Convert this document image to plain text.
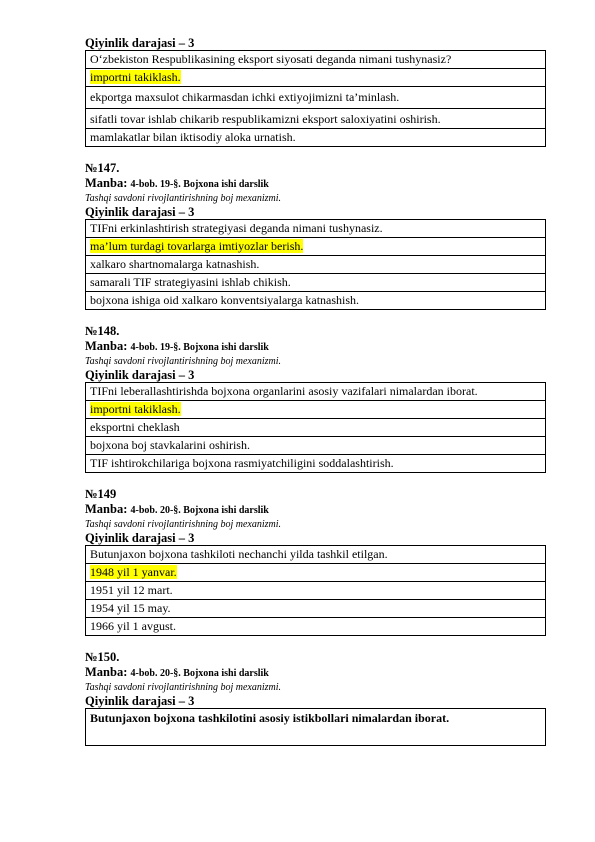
Qiyinlik darajasi – 3
O‘zbekiston Respublikasining eksport siyosati deganda nimani tushynasiz?
importni takiklash.
ekportga maxsulot chikarmasdan ichki extiyojimizni ta’minlash.
sifatli tovar ishlab chikarib respublikamizni eksport saloxiyatini oshirish.
mamlakatlar bilan iktisodiy aloka urnatish.
№147.
Manba: 4-bob. 19-§. Bojxona ishi darslik
Tashqi savdoni rivojlantirishning boj mexanizmi.
Qiyinlik darajasi – 3
TIFni erkinlashtirish strategiyasi deganda nimani tushynasiz.
ma’lum turdagi tovarlarga imtiyozlar berish.
xalkaro shartnomalarga katnashish.
samarali TIF strategiyasini ishlab chikish.
bojxona ishiga oid xalkaro konventsiyalarga katnashish.
№148.
Manba: 4-bob. 19-§. Bojxona ishi darslik
Tashqi savdoni rivojlantirishning boj mexanizmi.
Qiyinlik darajasi – 3
TIFni leberallashtirishda bojxona organlarini asosiy vazifalari nimalardan iborat.
importni takiklash.
eksportni cheklash
bojxona boj stavkalarini oshirish.
TIF ishtirokchilariga bojxona rasmiyatchiligini soddalashtirish.
№149
Manba: 4-bob. 20-§. Bojxona ishi darslik
Tashqi savdoni rivojlantirishning boj mexanizmi.
Qiyinlik darajasi – 3
Butunjaxon bojxona tashkiloti nechanchi yilda tashkil etilgan.
1948 yil 1 yanvar.
1951 yil 12 mart.
1954 yil 15 may.
1966 yil 1 avgust.
№150.
Manba: 4-bob. 20-§. Bojxona ishi darslik
Tashqi savdoni rivojlantirishning boj mexanizmi.
Qiyinlik darajasi – 3
Butunjaxon bojxona tashkilotini asosiy istikbollari nimalardan iborat.
